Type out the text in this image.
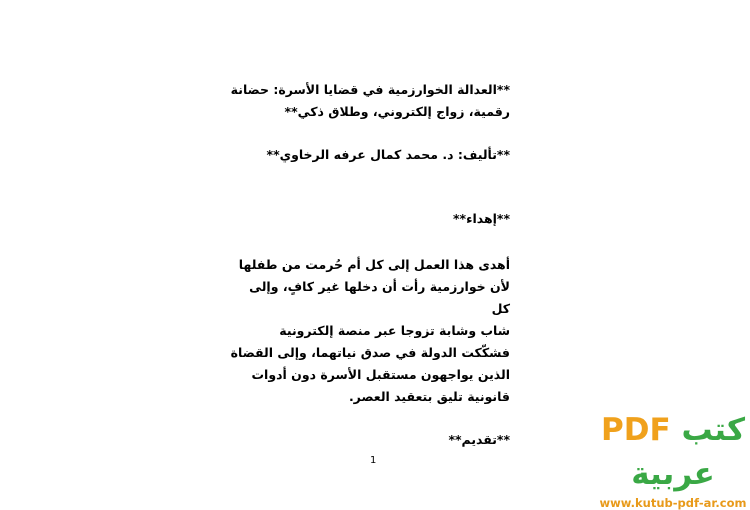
**العدالة الخوارزمية في قضايا الأسرة: حضانة
رقمية، زواج إلكتروني، وطلاق ذكي**
**تأليف: د. محمد كمال عرفه الرخاوي**
**إهداء**
أهدى هذا العمل إلى كل أم حُرمت من طفلها
لأن خوارزمية رأت أن دخلها غير كافٍ، وإلى كل
شاب وشابة تزوجا عبر منصة إلكترونية
فشكّكت الدولة في صدق نياتهما، وإلى القضاة
الذين يواجهون مستقبل الأسرة دون أدوات
قانونية تليق بتعقيد العصر.
**تقديم**
1
كتب PDF عربية
www.kutub-pdf-ar.com
